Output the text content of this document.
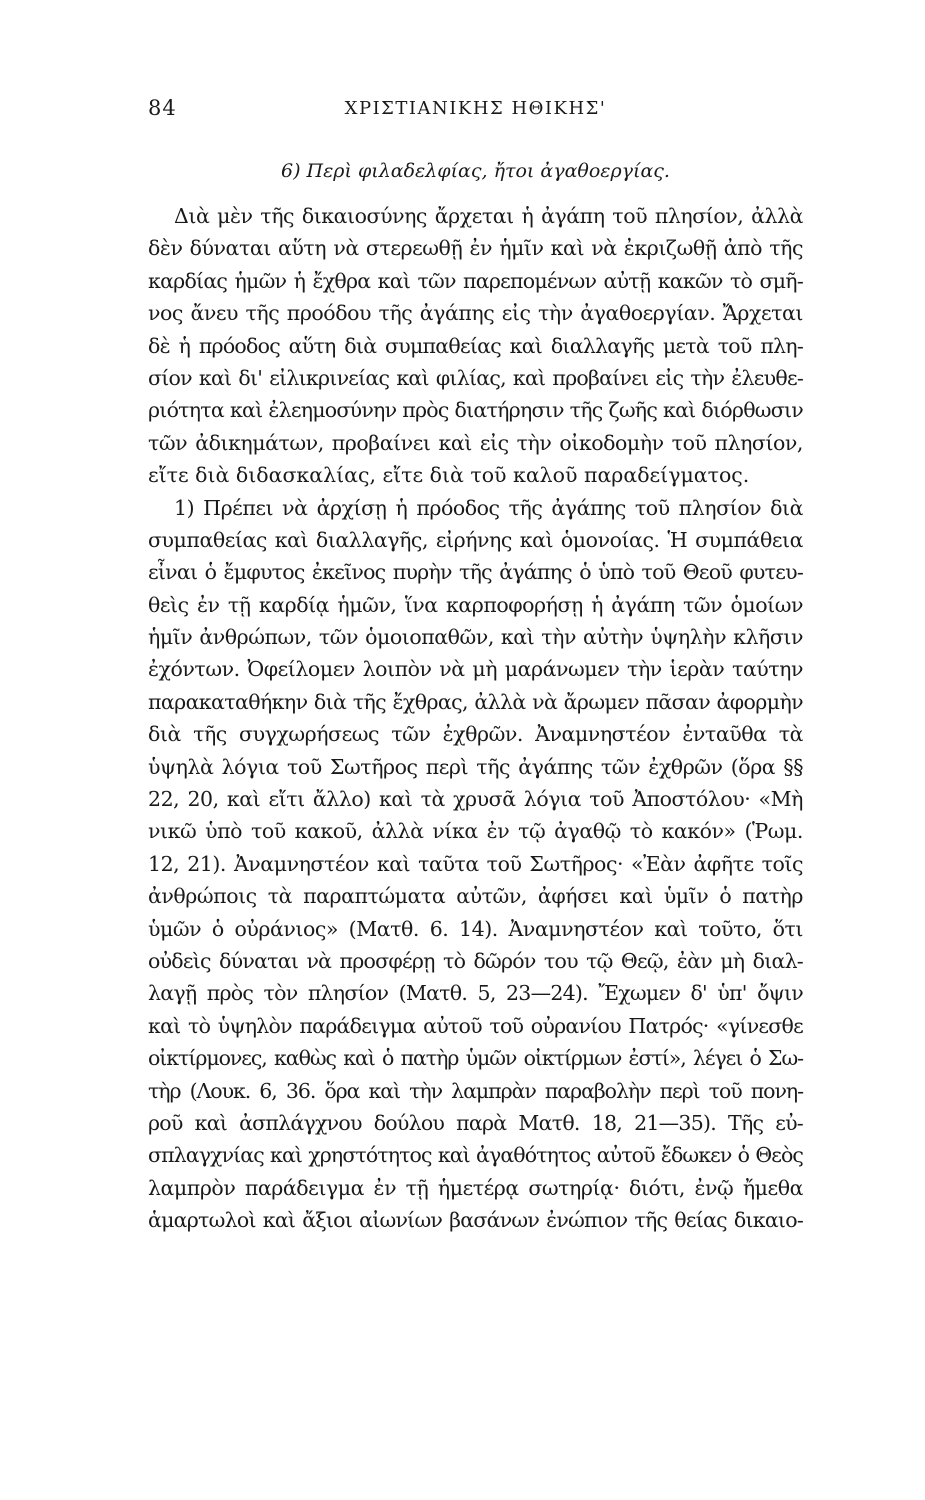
84	ΧΡΙΣΤΙΑΝΙΚΗΣ ΗΘΙΚΗΣ'
6) Περὶ φιλαδελφίας, ἤτοι ἀγαθοεργίας.
Διὰ μὲν τῆς δικαιοσύνης ἄρχεται ἡ ἀγάπη τοῦ πλησίον, ἀλλὰ
δὲν δύναται αὕτη νὰ στερεωθῇ ἐν ἡμῖν καὶ νὰ ἐκριζωθῇ ἀπὸ τῆς
καρδίας ἡμῶν ἡ ἔχθρα καὶ τῶν παρεπομένων αὐτῇ κακῶν τὸ σμῆ-
νος ἄνευ τῆς προόδου τῆς ἀγάπης εἰς τὴν ἀγαθοεργίαν. Ἄρχεται
δὲ ἡ πρόοδος αὕτη διὰ συμπαθείας καὶ διαλλαγῆς μετὰ τοῦ πλη-
σίον καὶ δι' εἰλικρινείας καὶ φιλίας, καὶ προβαίνει εἰς τὴν ἐλευθε-
ριότητα καὶ ἐλεημοσύνην πρὸς διατήρησιν τῆς ζωῆς καὶ διόρθωσιν
τῶν ἀδικημάτων, προβαίνει καὶ εἰς τὴν οἰκοδομὴν τοῦ πλησίον,
εἴτε διὰ διδασκαλίας, εἴτε διὰ τοῦ καλοῦ παραδείγματος.
1) Πρέπει νὰ ἀρχίσῃ ἡ πρόοδος τῆς ἀγάπης τοῦ πλησίον διὰ
συμπαθείας καὶ διαλλαγῆς, εἰρήνης καὶ ὁμονοίας. Ἡ συμπάθεια
εἶναι ὁ ἔμφυτος ἐκεῖνος πυρὴν τῆς ἀγάπης ὁ ὑπὸ τοῦ Θεοῦ φυτευ-
θεὶς ἐν τῇ καρδίᾳ ἡμῶν, ἵνα καρποφορήσῃ ἡ ἀγάπη τῶν ὁμοίων
ἡμῖν ἀνθρώπων, τῶν ὁμοιοπαθῶν, καὶ τὴν αὐτὴν ὑψηλὴν κλῆσιν
ἐχόντων. Ὀφείλομεν λοιπὸν νὰ μὴ μαράνωμεν τὴν ἱερὰν ταύτην
παρακαταθήκην διὰ τῆς ἔχθρας, ἀλλὰ νὰ ἄρωμεν πᾶσαν ἀφορμὴν
διὰ τῆς συγχωρήσεως τῶν ἐχθρῶν. Ἀναμνηστέον ἐνταῦθα τὰ
ὑψηλὰ λόγια τοῦ Σωτῆρος περὶ τῆς ἀγάπης τῶν ἐχθρῶν (ὅρα §§
22, 20, καὶ εἴτι ἄλλο) καὶ τὰ χρυσᾶ λόγια τοῦ Ἀποστόλου· «Μὴ
νικῶ ὑπὸ τοῦ κακοῦ, ἀλλὰ νίκα ἐν τῷ ἀγαθῷ τὸ κακόν» (Ῥωμ.
12, 21). Ἀναμνηστέον καὶ ταῦτα τοῦ Σωτῆρος· «Ἐὰν ἀφῆτε τοῖς
ἀνθρώποις τὰ παραπτώματα αὐτῶν, ἀφήσει καὶ ὑμῖν ὁ πατὴρ
ὑμῶν ὁ οὐράνιος» (Ματθ. 6. 14). Ἀναμνηστέον καὶ τοῦτο, ὅτι
οὐδεὶς δύναται νὰ προσφέρῃ τὸ δῶρόν του τῷ Θεῷ, ἐὰν μὴ διαλ-
λαγῇ πρὸς τὸν πλησίον (Ματθ. 5, 23—24). Ἔχωμεν δ' ὑπ' ὄψιν
καὶ τὸ ὑψηλὸν παράδειγμα αὐτοῦ τοῦ οὐρανίου Πατρός· «γίνεσθε
οἰκτίρμονες, καθὼς καὶ ὁ πατὴρ ὑμῶν οἰκτίρμων ἐστί», λέγει ὁ Σω-
τὴρ (Λουκ. 6, 36. ὅρα καὶ τὴν λαμπρὰν παραβολὴν περὶ τοῦ πονη-
ροῦ καὶ ἀσπλάγχνου δούλου παρὰ Ματθ. 18, 21—35). Τῆς εὐ-
σπλαγχνίας καὶ χρηστότητος καὶ ἀγαθότητος αὐτοῦ ἔδωκεν ὁ Θεὸς
λαμπρὸν παράδειγμα ἐν τῇ ἡμετέρᾳ σωτηρίᾳ· διότι, ἐνῷ ἤμεθα
ἁμαρτωλοὶ καὶ ἄξιοι αἰωνίων βασάνων ἐνώπιον τῆς θείας δικαιο-
